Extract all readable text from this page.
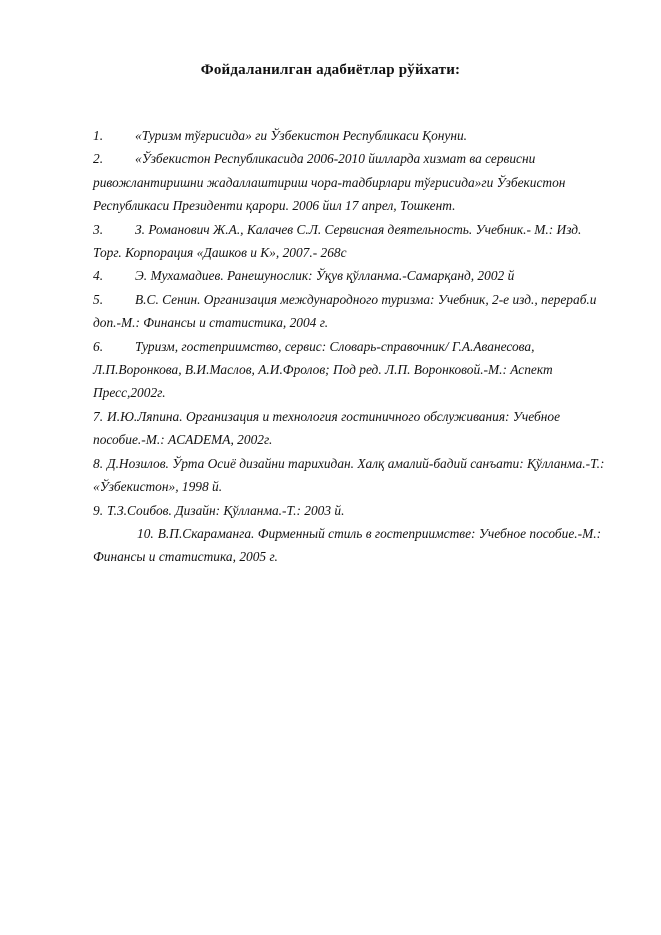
Фойдаланилган адабиётлар рўйхати:

1. «Туризм тўғрисида» ги Ўзбекистон Республикаси Қонуни.

2. «Ўзбекистон Республикасида 2006-2010 йилларда хизмат ва сервисни ривожлантиришни жадаллаштириш чора-тадбирлари тўғрисида»ги Ўзбекистон Республикаси Президенти қарори. 2006 йил 17 апрел, Тошкент.

3. З. Романович Ж.А., Калачев С.Л. Сервисная деятельность. Учебник.- М.: Изд. Торг. Корпорация «Дашков и К», 2007.- 268с

4. Э. Мухамадиев. Ранешунослик: Ўқув қўлланма.-Самарқанд, 2002 й

5. В.С. Сенин. Организация международного туризма: Учебник, 2-е изд., перераб.и доп.-М.: Финансы и статистика, 2004 г.

6. Туризм, гостеприимство, сервис: Словарь-справочник/ Г.А.Аванесова, Л.П.Воронкова, В.И.Маслов, А.И.Фролов; Под ред. Л.П. Воронковой.-М.: Аспект Пресс,2002г.

7. И.Ю.Ляпина. Организация и технология гостиничного обслуживания: Учебное пособие.-М.: ACADEMA, 2002г.

8. Д.Нозилов. Ўрта Осиё дизайни тарихидан. Халқ амалий-бадий санъати: Қўлланма.-Т.: «Ўзбекистон», 1998 й.

9. Т.З.Соибов. Дизайн: Қўлланма.-Т.: 2003 й.

10. В.П.Скараманга. Фирменный стиль в гостеприимстве: Учебное пособие.-М.: Финансы и статистика, 2005 г.
